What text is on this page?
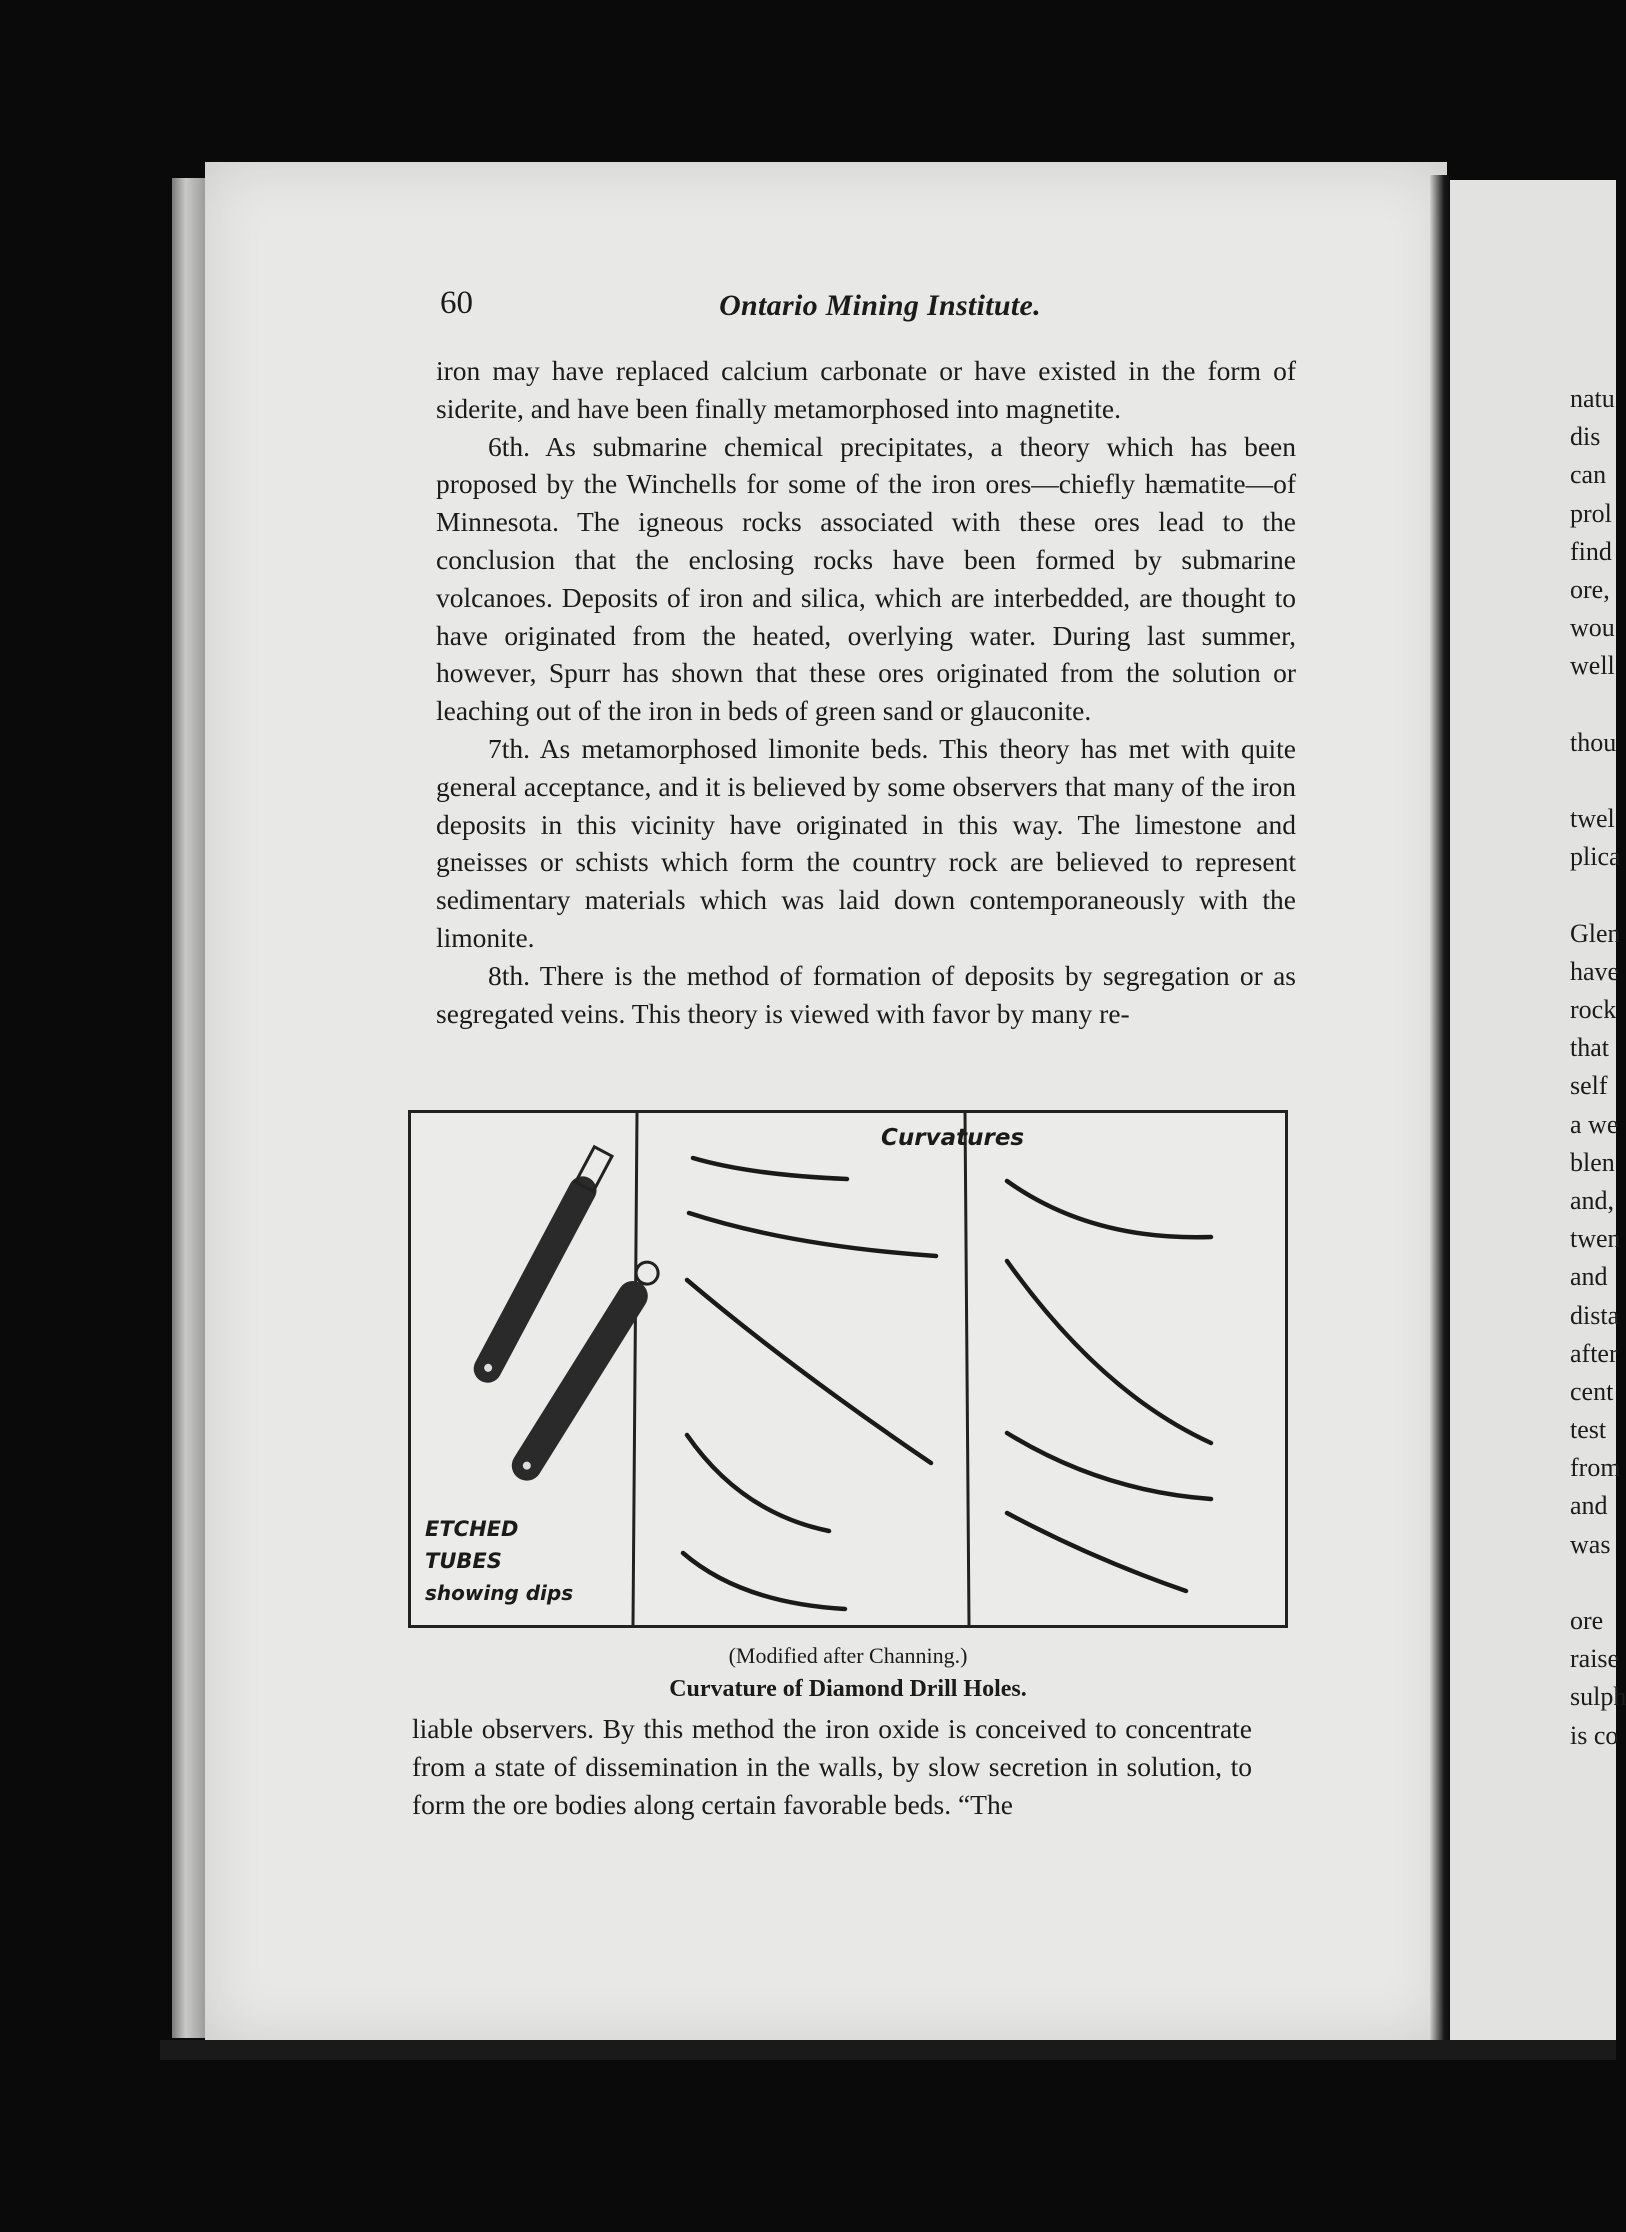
60	Ontario Mining Institute.

iron may have replaced calcium carbonate or have existed in the form of siderite, and have been finally metamorphosed into magnetite.

6th. As submarine chemical precipitates, a theory which has been proposed by the Winchells for some of the iron ores—chiefly hæmatite—of Minnesota. The igneous rocks associated with these ores lead to the conclusion that the enclosing rocks have been formed by submarine volcanoes. Deposits of iron and silica, which are interbedded, are thought to have originated from the heated, overlying water. During last summer, however, Spurr has shown that these ores originated from the solution or leaching out of the iron in beds of green sand or glauconite.

7th. As metamorphosed limonite beds. This theory has met with quite general acceptance, and it is believed by some observers that many of the iron deposits in this vicinity have originated in this way. The limestone and gneisses or schists which form the country rock are believed to represent sedimentary materials which was laid down contemporaneously with the limonite.

8th. There is the method of formation of deposits by segregation or as segregated veins. This theory is viewed with favor by many re-

Curvatures
ETCHED TUBES
showing dips
(Modified after Channing.)
Curvature of Diamond Drill Holes.

liable observers. By this method the iron oxide is conceived to concentrate from a state of dissemination in the walls, by slow secretion in solution, to form the ore bodies along certain favorable beds. “The

natu
dis
can
prol
find
ore,
wou
well
thou
twel
plica
Glen
have
rock
that
self
a we
blen
and,
twen
and
dista
after
cent
test
from
and
was
ore
raise
sulph
is co
